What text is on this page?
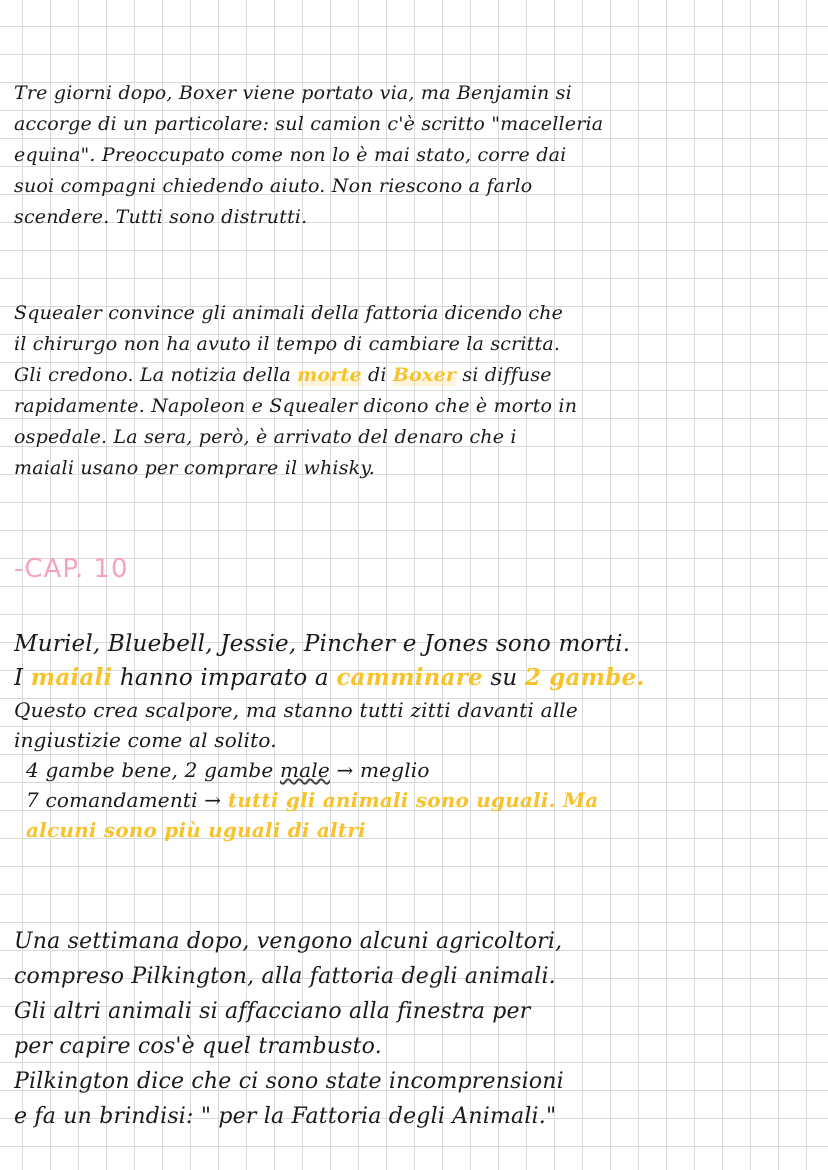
Tre giorni dopo, Boxer viene portato via, ma Benjamin si
accorge di un particolare: sul camion c'è scritto "macelleria
equina". Preoccupato come non lo è mai stato, corre dai
suoi compagni chiedendo aiuto. Non riescono a farlo
scendere. Tutti sono distrutti.
Squealer convince gli animali della fattoria dicendo che
il chirurgo non ha avuto il tempo di cambiare la scritta.
Gli credono. La notizia della morte di Boxer si diffuse
rapidamente. Napoleon e Squealer dicono che è morto in
ospedale. La sera, però, è arrivato del denaro che i
maiali usano per comprare il whisky.
-CAP. 10
Muriel, Bluebell, Jessie, Pincher e Jones sono morti.
I maiali hanno imparato a camminare su 2 gambe.
Questo crea scalpore, ma stanno tutti zitti davanti alle
ingiustizie come al solito.
4 gambe bene, 2 gambe male → meglio
7 comandamenti → tutti gli animali sono uguali. Ma
alcuni sono più uguali di altri
Una settimana dopo, vengono alcuni agricoltori,
compreso Pilkington, alla fattoria degli animali.
Gli altri animali si affacciano alla finestra per
per capire cos'è quel trambusto.
Pilkington dice che ci sono state incomprensioni
e fa un brindisi: " per la Fattoria degli Animali."
